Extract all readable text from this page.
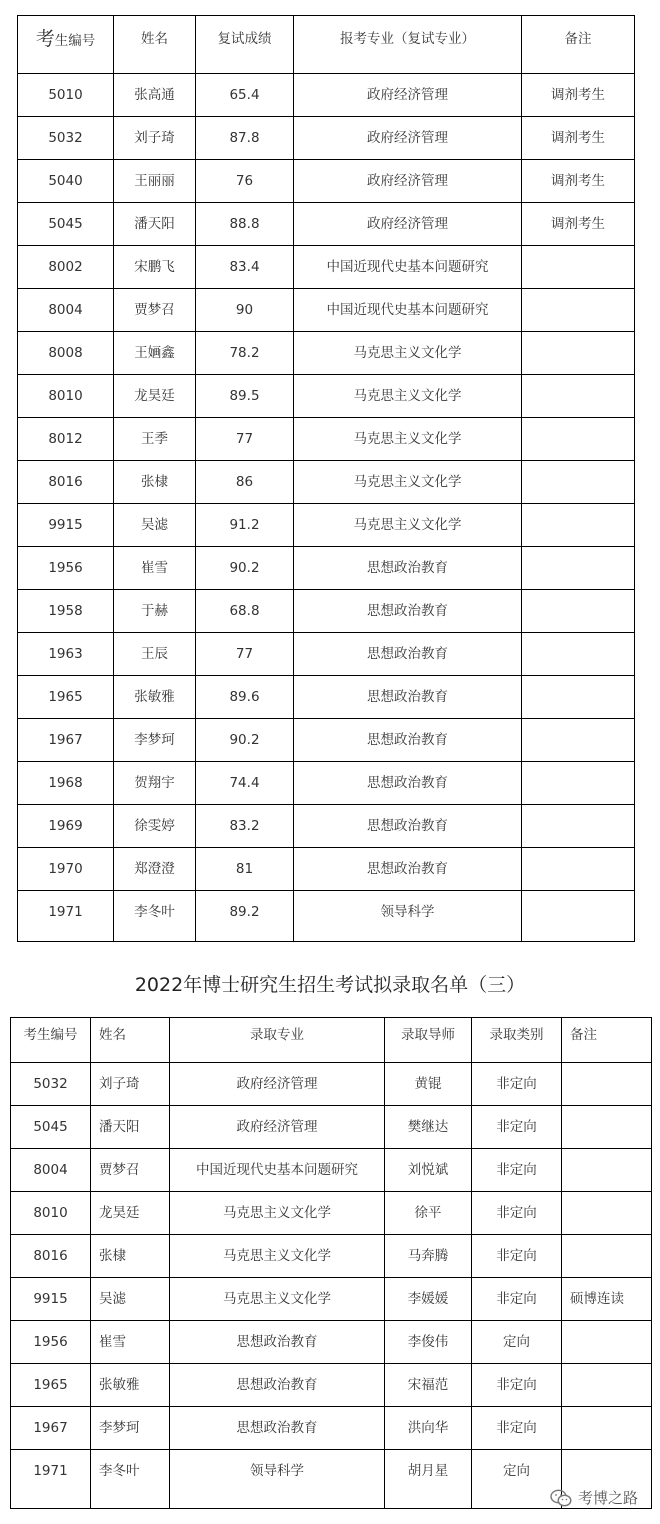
考生编号	姓名	复试成绩	报考专业（复试专业）	备注

5010	张高通	65.4	政府经济管理	调剂考生

5032	刘子琦	87.8	政府经济管理	调剂考生

5040	王丽丽	76	政府经济管理	调剂考生

5045	潘天阳	88.8	政府经济管理	调剂考生

8002	宋鹏飞	83.4	中国近现代史基本问题研究	

8004	贾梦召	90	中国近现代史基本问题研究	

8008	王婳鑫	78.2	马克思主义文化学	

8010	龙昊廷	89.5	马克思主义文化学	

8012	王季	77	马克思主义文化学	

8016	张棣	86	马克思主义文化学	

9915	吴滤	91.2	马克思主义文化学	

1956	崔雪	90.2	思想政治教育	

1958	于赫	68.8	思想政治教育	

1963	王辰	77	思想政治教育	

1965	张敏雅	89.6	思想政治教育	

1967	李梦珂	90.2	思想政治教育	

1968	贺翔宇	74.4	思想政治教育	

1969	徐雯婷	83.2	思想政治教育	

1970	郑澄澄	81	思想政治教育	

1971	李冬叶	89.2	领导科学	

2022年博士研究生招生考试拟录取名单（三）
考生编号	姓名	录取专业	录取导师	录取类别	备注

5032	刘子琦	政府经济管理	黄锟	非定向	

5045	潘天阳	政府经济管理	樊继达	非定向	

8004	贾梦召	中国近现代史基本问题研究	刘悦斌	非定向	

8010	龙昊廷	马克思主义文化学	徐平	非定向	

8016	张棣	马克思主义文化学	马奔腾	非定向	

9915	吴滤	马克思主义文化学	李媛媛	非定向	硕博连读

1956	崔雪	思想政治教育	李俊伟	定向	

1965	张敏雅	思想政治教育	宋福范	非定向	

1967	李梦珂	思想政治教育	洪向华	非定向	

1971	李冬叶	领导科学	胡月星	定向	

考博之路
